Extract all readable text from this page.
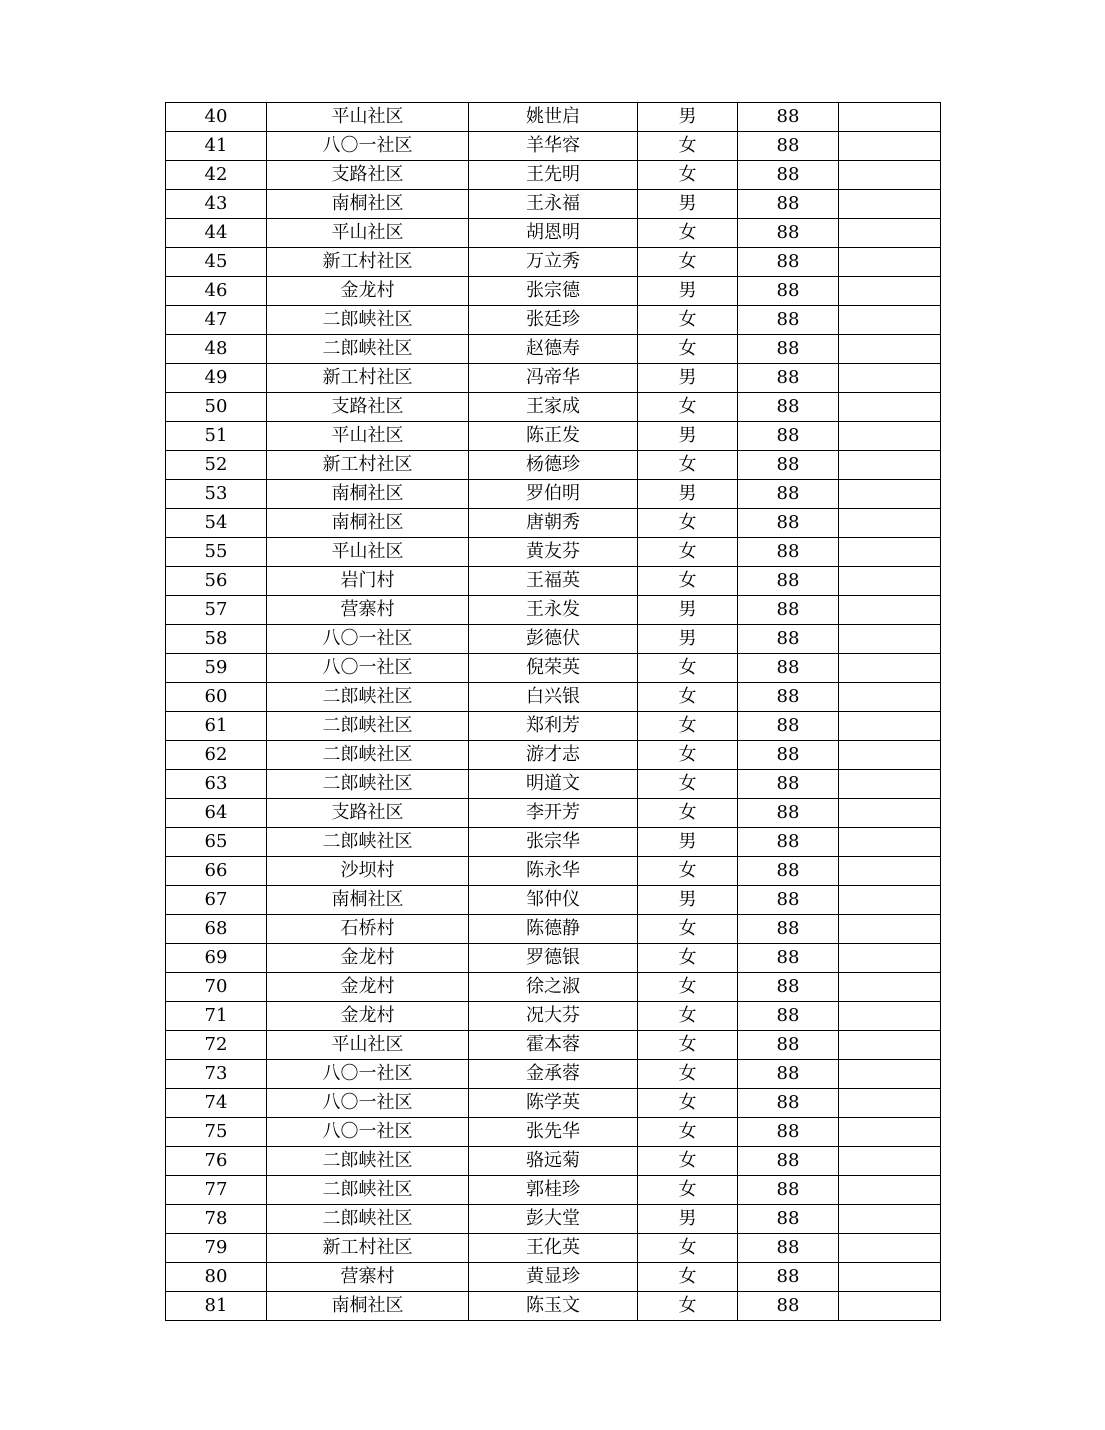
40	平山社区	姚世启	男	88	
41	八〇一社区	羊华容	女	88	
42	支路社区	王先明	女	88	
43	南桐社区	王永福	男	88	
44	平山社区	胡恩明	女	88	
45	新工村社区	万立秀	女	88	
46	金龙村	张宗德	男	88	
47	二郎峡社区	张廷珍	女	88	
48	二郎峡社区	赵德寿	女	88	
49	新工村社区	冯帝华	男	88	
50	支路社区	王家成	女	88	
51	平山社区	陈正发	男	88	
52	新工村社区	杨德珍	女	88	
53	南桐社区	罗伯明	男	88	
54	南桐社区	唐朝秀	女	88	
55	平山社区	黄友芬	女	88	
56	岩门村	王福英	女	88	
57	营寨村	王永发	男	88	
58	八〇一社区	彭德伏	男	88	
59	八〇一社区	倪荣英	女	88	
60	二郎峡社区	白兴银	女	88	
61	二郎峡社区	郑利芳	女	88	
62	二郎峡社区	游才志	女	88	
63	二郎峡社区	明道文	女	88	
64	支路社区	李开芳	女	88	
65	二郎峡社区	张宗华	男	88	
66	沙坝村	陈永华	女	88	
67	南桐社区	邹仲仪	男	88	
68	石桥村	陈德静	女	88	
69	金龙村	罗德银	女	88	
70	金龙村	徐之淑	女	88	
71	金龙村	况大芬	女	88	
72	平山社区	霍本蓉	女	88	
73	八〇一社区	金承蓉	女	88	
74	八〇一社区	陈学英	女	88	
75	八〇一社区	张先华	女	88	
76	二郎峡社区	骆远菊	女	88	
77	二郎峡社区	郭桂珍	女	88	
78	二郎峡社区	彭大堂	男	88	
79	新工村社区	王化英	女	88	
80	营寨村	黄显珍	女	88	
81	南桐社区	陈玉文	女	88	
